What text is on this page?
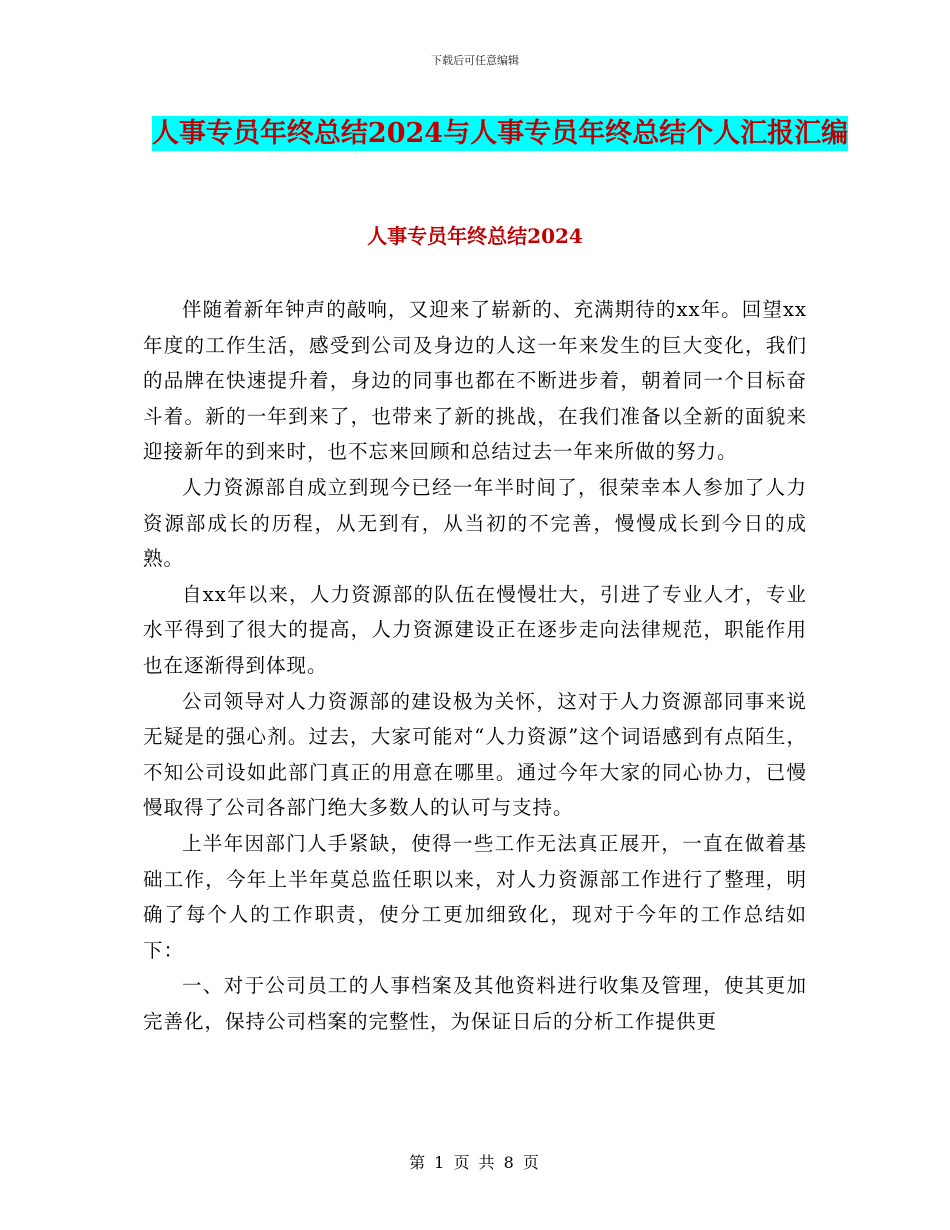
下载后可任意编辑
人事专员年终总结2024与人事专员年终总结个人汇报汇编
人事专员年终总结2024

伴随着新年钟声的敲响，又迎来了崭新的、充满期待的xx年。回望xx年度的工作生活，感受到公司及身边的人这一年来发生的巨大变化，我们的品牌在快速提升着，身边的同事也都在不断进步着，朝着同一个目标奋斗着。新的一年到来了，也带来了新的挑战，在我们准备以全新的面貌来迎接新年的到来时，也不忘来回顾和总结过去一年来所做的努力。

人力资源部自成立到现今已经一年半时间了，很荣幸本人参加了人力资源部成长的历程，从无到有，从当初的不完善，慢慢成长到今日的成熟。

自xx年以来，人力资源部的队伍在慢慢壮大，引进了专业人才，专业水平得到了很大的提高，人力资源建设正在逐步走向法律规范，职能作用也在逐渐得到体现。

公司领导对人力资源部的建设极为关怀，这对于人力资源部同事来说无疑是的强心剂。过去，大家可能对“人力资源”这个词语感到有点陌生，不知公司设如此部门真正的用意在哪里。通过今年大家的同心协力，已慢慢取得了公司各部门绝大多数人的认可与支持。

上半年因部门人手紧缺，使得一些工作无法真正展开，一直在做着基础工作，今年上半年莫总监任职以来，对人力资源部工作进行了整理，明确了每个人的工作职责，使分工更加细致化，现对于今年的工作总结如下：

一、对于公司员工的人事档案及其他资料进行收集及管理，使其更加完善化，保持公司档案的完整性，为保证日后的分析工作提供更

第 1 页 共 8 页
